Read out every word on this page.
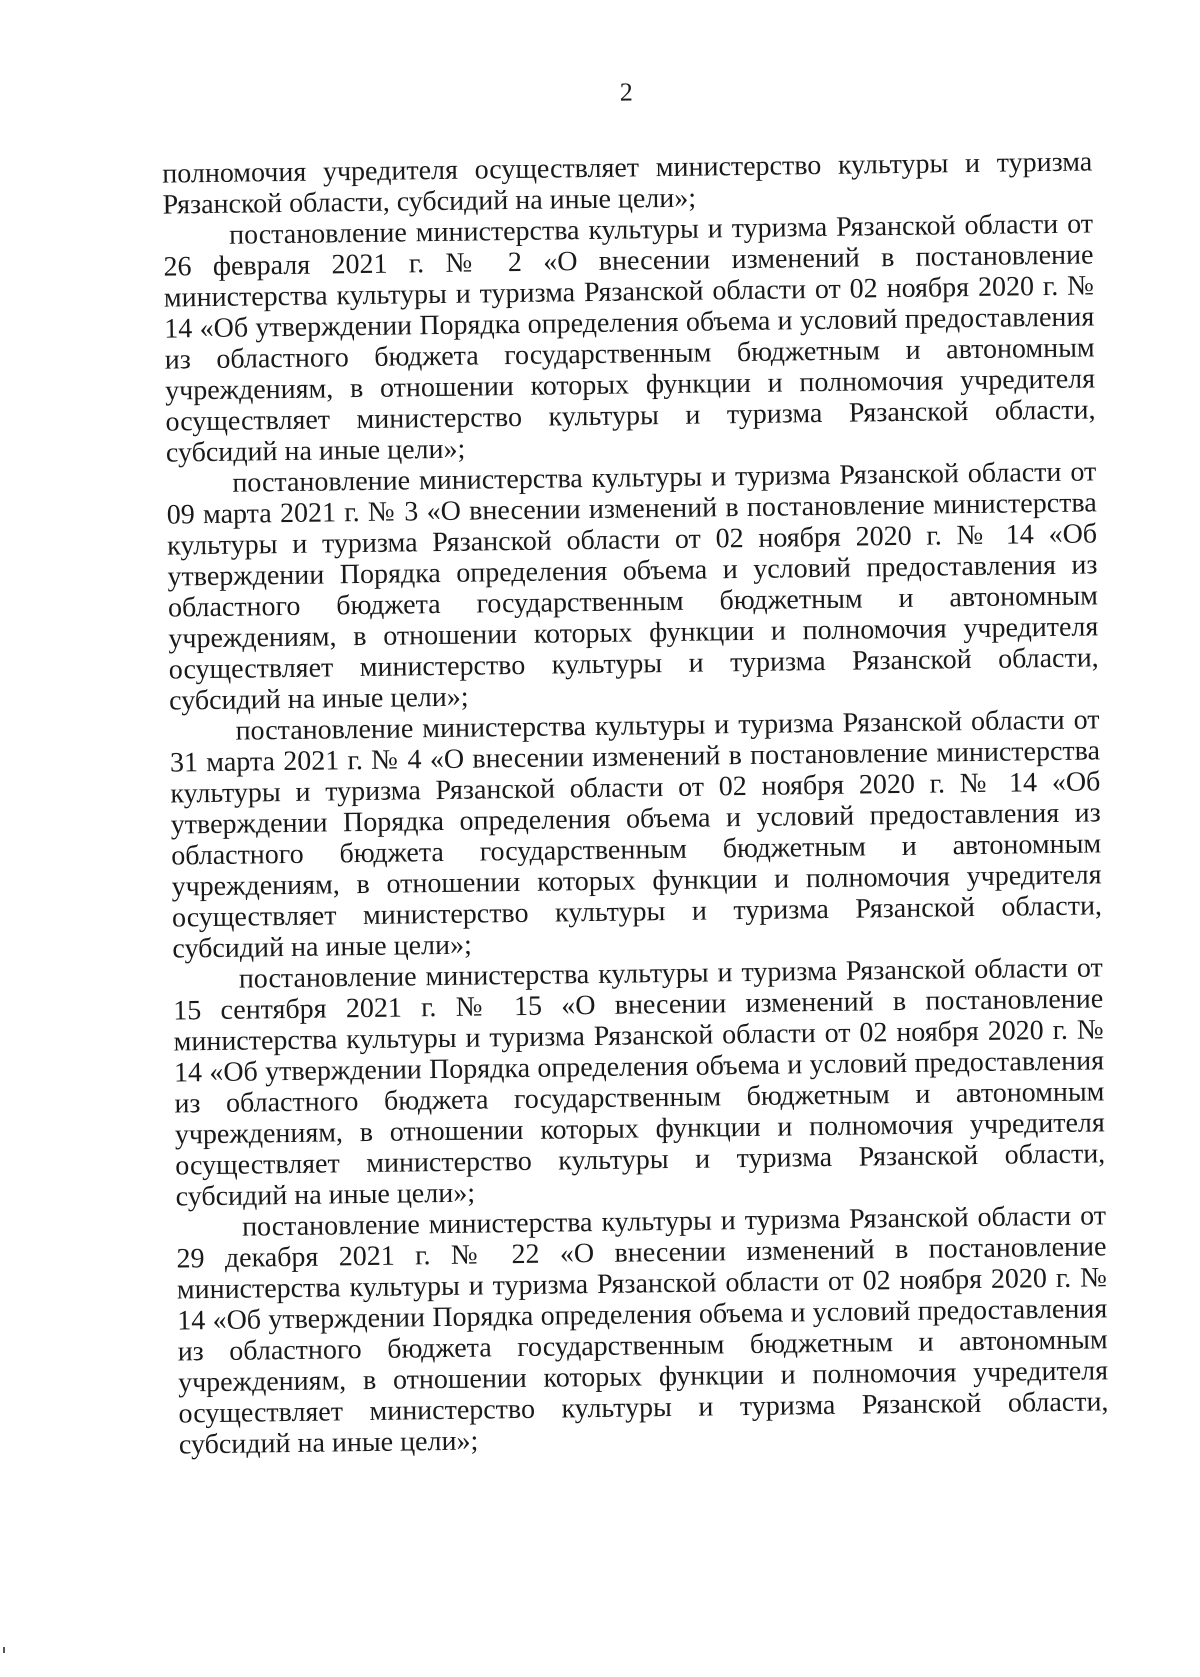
2

полномочия учредителя осуществляет министерство культуры и туризма Рязанской области, субсидий на иные цели»;

постановление министерства культуры и туризма Рязанской области от 26 февраля 2021 г. № 2 «О внесении изменений в постановление министерства культуры и туризма Рязанской области от 02 ноября 2020 г. № 14 «Об утверждении Порядка определения объема и условий предоставления из областного бюджета государственным бюджетным и автономным учреждениям, в отношении которых функции и полномочия учредителя осуществляет министерство культуры и туризма Рязанской области, субсидий на иные цели»;

постановление министерства культуры и туризма Рязанской области от 09 марта 2021 г. № 3 «О внесении изменений в постановление министерства культуры и туризма Рязанской области от 02 ноября 2020 г. № 14 «Об утверждении Порядка определения объема и условий предоставления из областного бюджета государственным бюджетным и автономным учреждениям, в отношении которых функции и полномочия учредителя осуществляет министерство культуры и туризма Рязанской области, субсидий на иные цели»;

постановление министерства культуры и туризма Рязанской области от 31 марта 2021 г. № 4 «О внесении изменений в постановление министерства культуры и туризма Рязанской области от 02 ноября 2020 г. № 14 «Об утверждении Порядка определения объема и условий предоставления из областного бюджета государственным бюджетным и автономным учреждениям, в отношении которых функции и полномочия учредителя осуществляет министерство культуры и туризма Рязанской области, субсидий на иные цели»;

постановление министерства культуры и туризма Рязанской области от 15 сентября 2021 г. № 15 «О внесении изменений в постановление министерства культуры и туризма Рязанской области от 02 ноября 2020 г. № 14 «Об утверждении Порядка определения объема и условий предоставления из областного бюджета государственным бюджетным и автономным учреждениям, в отношении которых функции и полномочия учредителя осуществляет министерство культуры и туризма Рязанской области, субсидий на иные цели»;

постановление министерства культуры и туризма Рязанской области от 29 декабря 2021 г. № 22 «О внесении изменений в постановление министерства культуры и туризма Рязанской области от 02 ноября 2020 г. № 14 «Об утверждении Порядка определения объема и условий предоставления из областного бюджета государственным бюджетным и автономным учреждениям, в отношении которых функции и полномочия учредителя осуществляет министерство культуры и туризма Рязанской области, субсидий на иные цели»;
